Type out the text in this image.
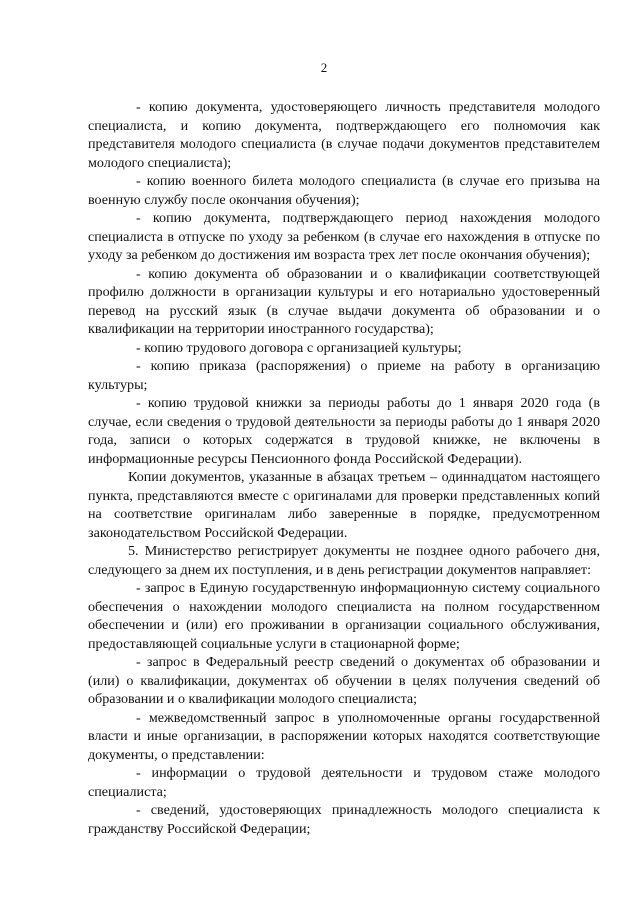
2

- копию документа, удостоверяющего личность представителя молодого специалиста, и копию документа, подтверждающего его полномочия как представителя молодого специалиста (в случае подачи документов представителем молодого специалиста);

- копию военного билета молодого специалиста (в случае его призыва на военную службу после окончания обучения);

- копию документа, подтверждающего период нахождения молодого специалиста в отпуске по уходу за ребенком (в случае его нахождения в отпуске по уходу за ребенком до достижения им возраста трех лет после окончания обучения);

- копию документа об образовании и о квалификации соответствующей профилю должности в организации культуры и его нотариально удостоверенный перевод на русский язык (в случае выдачи документа об образовании и о квалификации на территории иностранного государства);

- копию трудового договора с организацией культуры;

- копию приказа (распоряжения) о приеме на работу в организацию культуры;

- копию трудовой книжки за периоды работы до 1 января 2020 года (в случае, если сведения о трудовой деятельности за периоды работы до 1 января 2020 года, записи о которых содержатся в трудовой книжке, не включены в информационные ресурсы Пенсионного фонда Российской Федерации).

Копии документов, указанные в абзацах третьем – одиннадцатом настоящего пункта, представляются вместе с оригиналами для проверки представленных копий на соответствие оригиналам либо заверенные в порядке, предусмотренном законодательством Российской Федерации.

5. Министерство регистрирует документы не позднее одного рабочего дня, следующего за днем их поступления, и в день регистрации документов направляет:

- запрос в Единую государственную информационную систему социального обеспечения о нахождении молодого специалиста на полном государственном обеспечении и (или) его проживании в организации социального обслуживания, предоставляющей социальные услуги в стационарной форме;

- запрос в Федеральный реестр сведений о документах об образовании и (или) о квалификации, документах об обучении в целях получения сведений об образовании и о квалификации молодого специалиста;

- межведомственный запрос в уполномоченные органы государственной власти и иные организации, в распоряжении которых находятся соответствующие документы, о представлении:

- информации о трудовой деятельности и трудовом стаже молодого специалиста;

- сведений, удостоверяющих принадлежность молодого специалиста к гражданству Российской Федерации;
